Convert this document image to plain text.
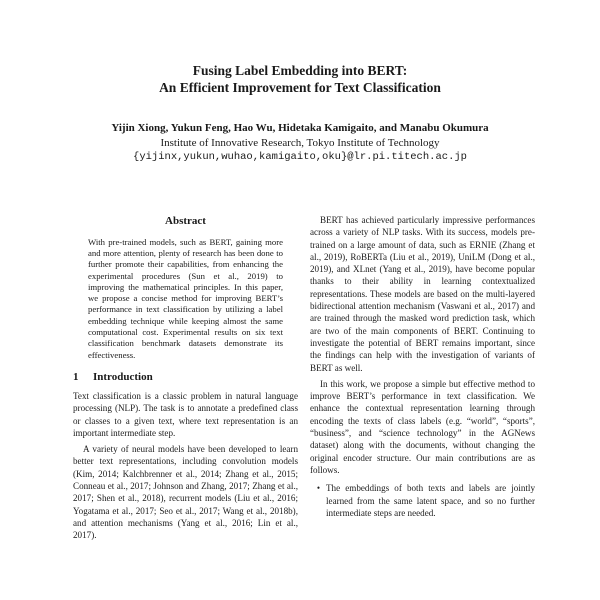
Fusing Label Embedding into BERT:
An Efficient Improvement for Text Classification
Yijin Xiong, Yukun Feng, Hao Wu, Hidetaka Kamigaito, and Manabu Okumura
Institute of Innovative Research, Tokyo Institute of Technology
{yijinx,yukun,wuhao,kamigaito,oku}@lr.pi.titech.ac.jp
Abstract

With pre-trained models, such as BERT, gaining more and more attention, plenty of research has been done to further promote their capabilities, from enhancing the experimental procedures (Sun et al., 2019) to improving the mathematical principles. In this paper, we propose a concise method for improving BERT’s performance in text classification by utilizing a label embedding technique while keeping almost the same computational cost. Experimental results on six text classification benchmark datasets demonstrate its effectiveness.

1 Introduction

Text classification is a classic problem in natural language processing (NLP). The task is to annotate a predefined class or classes to a given text, where text representation is an important intermediate step.

A variety of neural models have been developed to learn better text representations, including convolution models (Kim, 2014; Kalchbrenner et al., 2014; Zhang et al., 2015; Conneau et al., 2017; Johnson and Zhang, 2017; Zhang et al., 2017; Shen et al., 2018), recurrent models (Liu et al., 2016; Yogatama et al., 2017; Seo et al., 2017; Wang et al., 2018b), and attention mechanisms (Yang et al., 2016; Lin et al., 2017).

BERT has achieved particularly impressive performances across a variety of NLP tasks. With its success, models pre-trained on a large amount of data, such as ERNIE (Zhang et al., 2019), RoBERTa (Liu et al., 2019), UniLM (Dong et al., 2019), and XLnet (Yang et al., 2019), have become popular thanks to their ability in learning contextualized representations. These models are based on the multi-layered bidirectional attention mechanism (Vaswani et al., 2017) and are trained through the masked word prediction task, which are two of the main components of BERT. Continuing to investigate the potential of BERT remains important, since the findings can help with the investigation of variants of BERT as well.

In this work, we propose a simple but effective method to improve BERT’s performance in text classification. We enhance the contextual representation learning through encoding the texts of class labels (e.g. “world”, “sports”, “business”, and “science technology” in the AGNews dataset) along with the documents, without changing the original encoder structure. Our main contributions are as follows.

• The embeddings of both texts and labels are jointly learned from the same latent space, and so no further intermediate steps are needed.
